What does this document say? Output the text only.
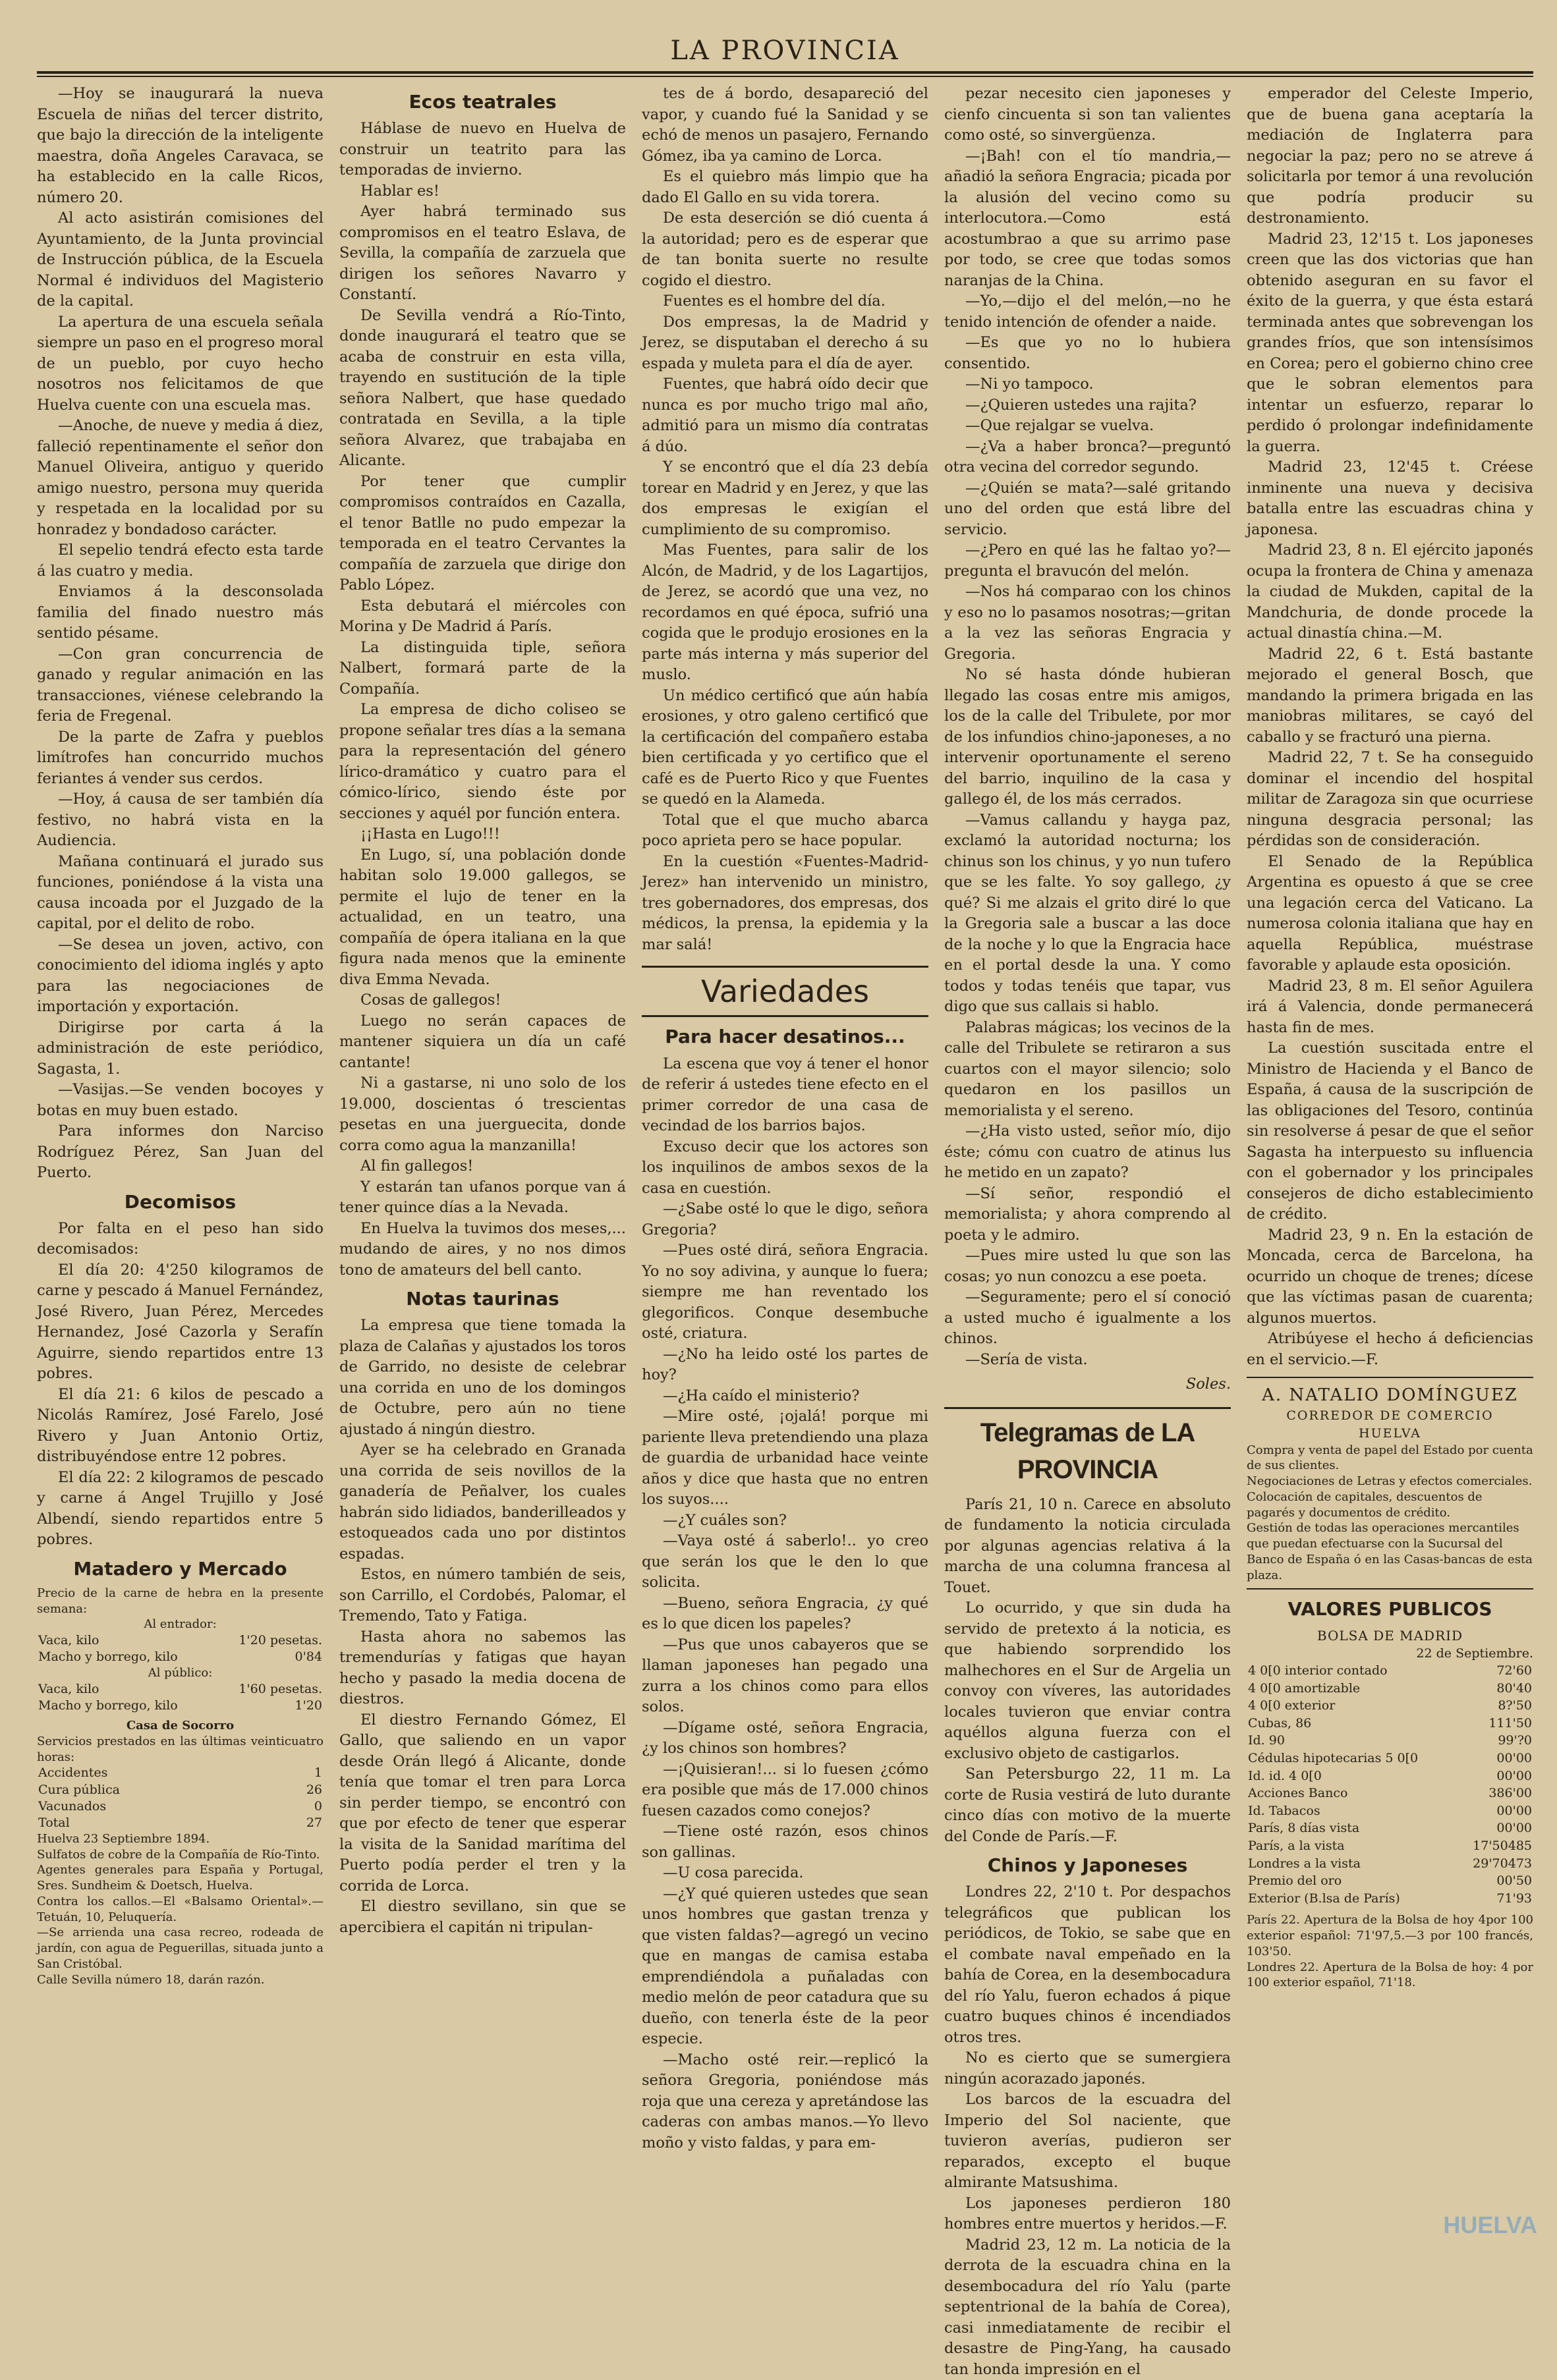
LA PROVINCIA

—Hoy se inaugurará la nueva Escuela de niñas del tercer distrito, que bajo la dirección de la inteligente maestra, doña Angeles Caravaca, se ha establecido en la calle Ricos, número 20.

Al acto asistirán comisiones del Ayuntamiento, de la Junta provincial de Instrucción pública, de la Escuela Normal é individuos del Magisterio de la capital.

La apertura de una escuela señala siempre un paso en el progreso moral de un pueblo, por cuyo hecho nosotros nos felicitamos de que Huelva cuente con una escuela mas.

—Anoche, de nueve y media á diez, falleció repentinamente el señor don Manuel Oliveira, antiguo y querido amigo nuestro, persona muy querida y respetada en la localidad por su honradez y bondadoso carácter.

El sepelio tendrá efecto esta tarde á las cuatro y media.

Enviamos á la desconsolada familia del finado nuestro más sentido pésame.

—Con gran concurrencia de ganado y regular animación en las transacciones, viénese celebrando la feria de Fregenal.

De la parte de Zafra y pueblos limítrofes han concurrido muchos feriantes á vender sus cerdos.

—Hoy, á causa de ser también día festivo, no habrá vista en la Audiencia.

Mañana continuará el jurado sus funciones, poniéndose á la vista una causa incoada por el Juzgado de la capital, por el delito de robo.

—Se desea un joven, activo, con conocimiento del idioma inglés y apto para las negociaciones de importación y exportación.

Dirigirse por carta á la administración de este periódico, Sagasta, 1.

—Vasijas.—Se venden bocoyes y botas en muy buen estado.

Para informes don Narciso Rodríguez Pérez, San Juan del Puerto.

Decomisos

Por falta en el peso han sido decomisados:

El día 20: 4'250 kilogramos de carne y pescado á Manuel Fernández, José Rivero, Juan Pérez, Mercedes Hernandez, José Cazorla y Serafín Aguirre, siendo repartidos entre 13 pobres.

El día 21: 6 kilos de pescado a Nicolás Ramírez, José Farelo, José Rivero y Juan Antonio Ortiz, distribuyéndose entre 12 pobres.

El día 22: 2 kilogramos de pescado y carne á Angel Trujillo y José Albendí, siendo repartidos entre 5 pobres.

Matadero y Mercado

Precio de la carne de hebra en la presente semana:

Al entrador:
Vaca, kilo	1'20 pesetas.
Macho y borrego, kilo	0'84
Al público:
Vaca, kilo	1'60 pesetas.
Macho y borrego, kilo	1'20
Casa de Socorro

Servicios prestados en las últimas veinticuatro horas:

Accidentes	1
Cura pública	26
Vacunados	0
Total	27

Huelva 23 Septiembre 1894.

Sulfatos de cobre de la Compañía de Río-Tinto.

Agentes generales para España y Portugal, Sres. Sundheim & Doetsch, Huelva.

Contra los callos.—El «Balsamo Oriental».—Tetuán, 10, Peluquería.

—Se arrienda una casa recreo, rodeada de jardín, con agua de Peguerillas, situada junto a San Cristóbal.

Calle Sevilla número 18, darán razón.

Ecos teatrales

Háblase de nuevo en Huelva de construir un teatrito para las temporadas de invierno.

Hablar es!

Ayer habrá terminado sus compromisos en el teatro Eslava, de Sevilla, la compañía de zarzuela que dirigen los señores Navarro y Constantí.

De Sevilla vendrá a Río-Tinto, donde inaugurará el teatro que se acaba de construir en esta villa, trayendo en sustitución de la tiple señora Nalbert, que hase quedado contratada en Sevilla, a la tiple señora Alvarez, que trabajaba en Alicante.

Por tener que cumplir compromisos contraídos en Cazalla, el tenor Batlle no pudo empezar la temporada en el teatro Cervantes la compañía de zarzuela que dirige don Pablo López.

Esta debutará el miércoles con Morina y De Madrid á París.

La distinguida tiple, señora Nalbert, formará parte de la Compañía.

La empresa de dicho coliseo se propone señalar tres días a la semana para la representación del género lírico-dramático y cuatro para el cómico-lírico, siendo éste por secciones y aquél por función entera.

¡¡Hasta en Lugo!!!

En Lugo, sí, una población donde habitan solo 19.000 gallegos, se permite el lujo de tener en la actualidad, en un teatro, una compañía de ópera italiana en la que figura nada menos que la eminente diva Emma Nevada.

Cosas de gallegos!

Luego no serán capaces de mantener siquiera un día un café cantante!

Ni a gastarse, ni uno solo de los 19.000, doscientas ó trescientas pesetas en una juerguecita, donde corra como agua la manzanilla!

Al fin gallegos!

Y estarán tan ufanos porque van á tener quince días a la Nevada.

En Huelva la tuvimos dos meses,... mudando de aires, y no nos dimos tono de amateurs del bell canto.

Notas taurinas

La empresa que tiene tomada la plaza de Calañas y ajustados los toros de Garrido, no desiste de celebrar una corrida en uno de los domingos de Octubre, pero aún no tiene ajustado á ningún diestro.

Ayer se ha celebrado en Granada una corrida de seis novillos de la ganadería de Peñalver, los cuales habrán sido lidiados, banderilleados y estoqueados cada uno por distintos espadas.

Estos, en número también de seis, son Carrillo, el Cordobés, Palomar, el Tremendo, Tato y Fatiga.

Hasta ahora no sabemos las tremendurías y fatigas que hayan hecho y pasado la media docena de diestros.

El diestro Fernando Gómez, El Gallo, que saliendo en un vapor desde Orán llegó á Alicante, donde tenía que tomar el tren para Lorca sin perder tiempo, se encontró con que por efecto de tener que esperar la visita de la Sanidad marítima del Puerto podía perder el tren y la corrida de Lorca.

El diestro sevillano, sin que se apercibiera el capitán ni tripulan-

tes de á bordo, desapareció del vapor, y cuando fué la Sanidad y se echó de menos un pasajero, Fernando Gómez, iba ya camino de Lorca.

Es el quiebro más limpio que ha dado El Gallo en su vida torera.

De esta deserción se dió cuenta á la autoridad; pero es de esperar que de tan bonita suerte no resulte cogido el diestro.

Fuentes es el hombre del día.

Dos empresas, la de Madrid y Jerez, se disputaban el derecho á su espada y muleta para el día de ayer.

Fuentes, que habrá oído decir que nunca es por mucho trigo mal año, admitió para un mismo día contratas á dúo.

Y se encontró que el día 23 debía torear en Madrid y en Jerez, y que las dos empresas le exigían el cumplimiento de su compromiso.

Mas Fuentes, para salir de los Alcón, de Madrid, y de los Lagartijos, de Jerez, se acordó que una vez, no recordamos en qué época, sufrió una cogida que le produjo erosiones en la parte más interna y más superior del muslo.

Un médico certificó que aún había erosiones, y otro galeno certificó que la certificación del compañero estaba bien certificada y yo certifico que el café es de Puerto Rico y que Fuentes se quedó en la Alameda.

Total que el que mucho abarca poco aprieta pero se hace popular.

En la cuestión «Fuentes-Madrid-Jerez» han intervenido un ministro, tres gobernadores, dos empresas, dos médicos, la prensa, la epidemia y la mar salá!

Variedades
Para hacer desatinos...

La escena que voy á tener el honor de referir á ustedes tiene efecto en el primer corredor de una casa de vecindad de los barrios bajos.

Excuso decir que los actores son los inquilinos de ambos sexos de la casa en cuestión.

—¿Sabe osté lo que le digo, señora Gregoria?

—Pues osté dirá, señora Engracia. Yo no soy adivina, y aunque lo fuera; siempre me han reventado los glegorificos. Conque desembuche osté, criatura.

—¿No ha leido osté los partes de hoy?

—¿Ha caído el ministerio?

—Mire osté, ¡ojalá! porque mi pariente lleva pretendiendo una plaza de guardia de urbanidad hace veinte años y dice que hasta que no entren los suyos....

—¿Y cuáles son?

—Vaya osté á saberlo!.. yo creo que serán los que le den lo que solicita.

—Bueno, señora Engracia, ¿y qué es lo que dicen los papeles?

—Pus que unos cabayeros que se llaman japoneses han pegado una zurra a los chinos como para ellos solos.

—Dígame osté, señora Engracia, ¿y los chinos son hombres?

—¡Quisieran!... si lo fuesen ¿cómo era posible que más de 17.000 chinos fuesen cazados como conejos?

—Tiene osté razón, esos chinos son gallinas.

—U cosa parecida.

—¿Y qué quieren ustedes que sean unos hombres que gastan trenza y que visten faldas?—agregó un vecino que en mangas de camisa estaba emprendiéndola a puñaladas con medio melón de peor catadura que su dueño, con tenerla éste de la peor especie.

—Macho osté reir.—replicó la señora Gregoria, poniéndose más roja que una cereza y apretándose las caderas con ambas manos.—Yo llevo moño y visto faldas, y para em-

pezar necesito cien japoneses y cienfo cincuenta si son tan valientes como osté, so sinvergüenza.

—¡Bah! con el tío mandria,—añadió la señora Engracia; picada por la alusión del vecino como su interlocutora.—Como está acostumbrao a que su arrimo pase por todo, se cree que todas somos naranjas de la China.

—Yo,—dijo el del melón,—no he tenido intención de ofender a naide.

—Es que yo no lo hubiera consentido.

—Ni yo tampoco.

—¿Quieren ustedes una rajita?

—Que rejalgar se vuelva.

—¿Va a haber bronca?—preguntó otra vecina del corredor segundo.

—¿Quién se mata?—salé gritando uno del orden que está libre del servicio.

—¿Pero en qué las he faltao yo?—pregunta el bravucón del melón.

—Nos há comparao con los chinos y eso no lo pasamos nosotras;—gritan a la vez las señoras Engracia y Gregoria.

No sé hasta dónde hubieran llegado las cosas entre mis amigos, los de la calle del Tribulete, por mor de los infundios chino-japoneses, a no intervenir oportunamente el sereno del barrio, inquilino de la casa y gallego él, de los más cerrados.

—Vamus callandu y hayga paz, exclamó la autoridad nocturna; los chinus son los chinus, y yo nun tufero que se les falte. Yo soy gallego, ¿y qué? Si me alzais el grito diré lo que la Gregoria sale a buscar a las doce de la noche y lo que la Engracia hace en el portal desde la una. Y como todos y todas tenéis que tapar, vus digo que sus callais si hablo.

Palabras mágicas; los vecinos de la calle del Tribulete se retiraron a sus cuartos con el mayor silencio; solo quedaron en los pasillos un memorialista y el sereno.

—¿Ha visto usted, señor mío, dijo éste; cómu con cuatro de atinus lus he metido en un zapato?

—Sí señor, respondió el memorialista; y ahora comprendo al poeta y le admiro.

—Pues mire usted lu que son las cosas; yo nun conozcu a ese poeta.

—Seguramente; pero el sí conoció a usted mucho é igualmente a los chinos.

—Sería de vista.

Soles.
Telegramas de LA PROVINCIA

París 21, 10 n. Carece en absoluto de fundamento la noticia circulada por algunas agencias relativa á la marcha de una columna francesa al Touet.

Lo ocurrido, y que sin duda ha servido de pretexto á la noticia, es que habiendo sorprendido los malhechores en el Sur de Argelia un convoy con víveres, las autoridades locales tuvieron que enviar contra aquéllos alguna fuerza con el exclusivo objeto de castigarlos.

San Petersburgo 22, 11 m. La corte de Rusia vestirá de luto durante cinco días con motivo de la muerte del Conde de París.—F.

Chinos y Japoneses

Londres 22, 2'10 t. Por despachos telegráficos que publican los periódicos, de Tokio, se sabe que en el combate naval empeñado en la bahía de Corea, en la desembocadura del río Yalu, fueron echados á pique cuatro buques chinos é incendiados otros tres.

No es cierto que se sumergiera ningún acorazado japonés.

Los barcos de la escuadra del Imperio del Sol naciente, que tuvieron averías, pudieron ser reparados, excepto el buque almirante Matsushima.

Los japoneses perdieron 180 hombres entre muertos y heridos.—F.

Madrid 23, 12 m. La noticia de la derrota de la escuadra china en la desembocadura del río Yalu (parte septentrional de la bahía de Corea), casi inmediatamente de recibir el desastre de Ping-Yang, ha causado tan honda impresión en el

emperador del Celeste Imperio, que de buena gana aceptaría la mediación de Inglaterra para negociar la paz; pero no se atreve á solicitarla por temor á una revolución que podría producir su destronamiento.

Madrid 23, 12'15 t. Los japoneses creen que las dos victorias que han obtenido aseguran en su favor el éxito de la guerra, y que ésta estará terminada antes que sobrevengan los grandes fríos, que son intensísimos en Corea; pero el gobierno chino cree que le sobran elementos para intentar un esfuerzo, reparar lo perdido ó prolongar indefinidamente la guerra.

Madrid 23, 12'45 t. Créese inminente una nueva y decisiva batalla entre las escuadras china y japonesa.

Madrid 23, 8 n. El ejército japonés ocupa la frontera de China y amenaza la ciudad de Mukden, capital de la Mandchuria, de donde procede la actual dinastía china.—M.

Madrid 22, 6 t. Está bastante mejorado el general Bosch, que mandando la primera brigada en las maniobras militares, se cayó del caballo y se fracturó una pierna.

Madrid 22, 7 t. Se ha conseguido dominar el incendio del hospital militar de Zaragoza sin que ocurriese ninguna desgracia personal; las pérdidas son de consideración.

El Senado de la República Argentina es opuesto á que se cree una legación cerca del Vaticano. La numerosa colonia italiana que hay en aquella República, muéstrase favorable y aplaude esta oposición.

Madrid 23, 8 m. El señor Aguilera irá á Valencia, donde permanecerá hasta fin de mes.

La cuestión suscitada entre el Ministro de Hacienda y el Banco de España, á causa de la suscripción de las obligaciones del Tesoro, continúa sin resolverse á pesar de que el señor Sagasta ha interpuesto su influencia con el gobernador y los principales consejeros de dicho establecimiento de crédito.

Madrid 23, 9 n. En la estación de Moncada, cerca de Barcelona, ha ocurrido un choque de trenes; dícese que las víctimas pasan de cuarenta; algunos muertos.

Atribúyese el hecho á deficiencias en el servicio.—F.

A. NATALIO DOMÍNGUEZ
CORREDOR DE COMERCIO
HUELVA

Compra y venta de papel del Estado por cuenta de sus clientes.

Negociaciones de Letras y efectos comerciales.

Colocación de capitales, descuentos de pagarés y documentos de crédito.

Gestión de todas las operaciones mercantiles que puedan efectuarse con la Sucursal del Banco de España ó en las Casas-bancas de esta plaza.

VALORES PUBLICOS
BOLSA DE MADRID
22 de Septiembre.
4 0[0 interior contado	72'60
4 0[0 amortizable	80'40
4 0[0 exterior	8?'50
Cubas, 86	111'50
Id. 90	99'?0
Cédulas hipotecarias 5 0[0	00'00
Id. id. 4 0[0	00'00
Acciones Banco	386'00
Id. Tabacos	00'00
París, 8 días vista	00'00
París, a la vista	17'50485
Londres a la vista	29'70473
Premio del oro	00'50
Exterior (B.lsa de París)	71'93

París 22. Apertura de la Bolsa de hoy 4por 100 exterior español: 71'97,5.—3 por 100 francés, 103'50.

Londres 22. Apertura de la Bolsa de hoy: 4 por 100 exterior español, 71'18.

HUELVA
